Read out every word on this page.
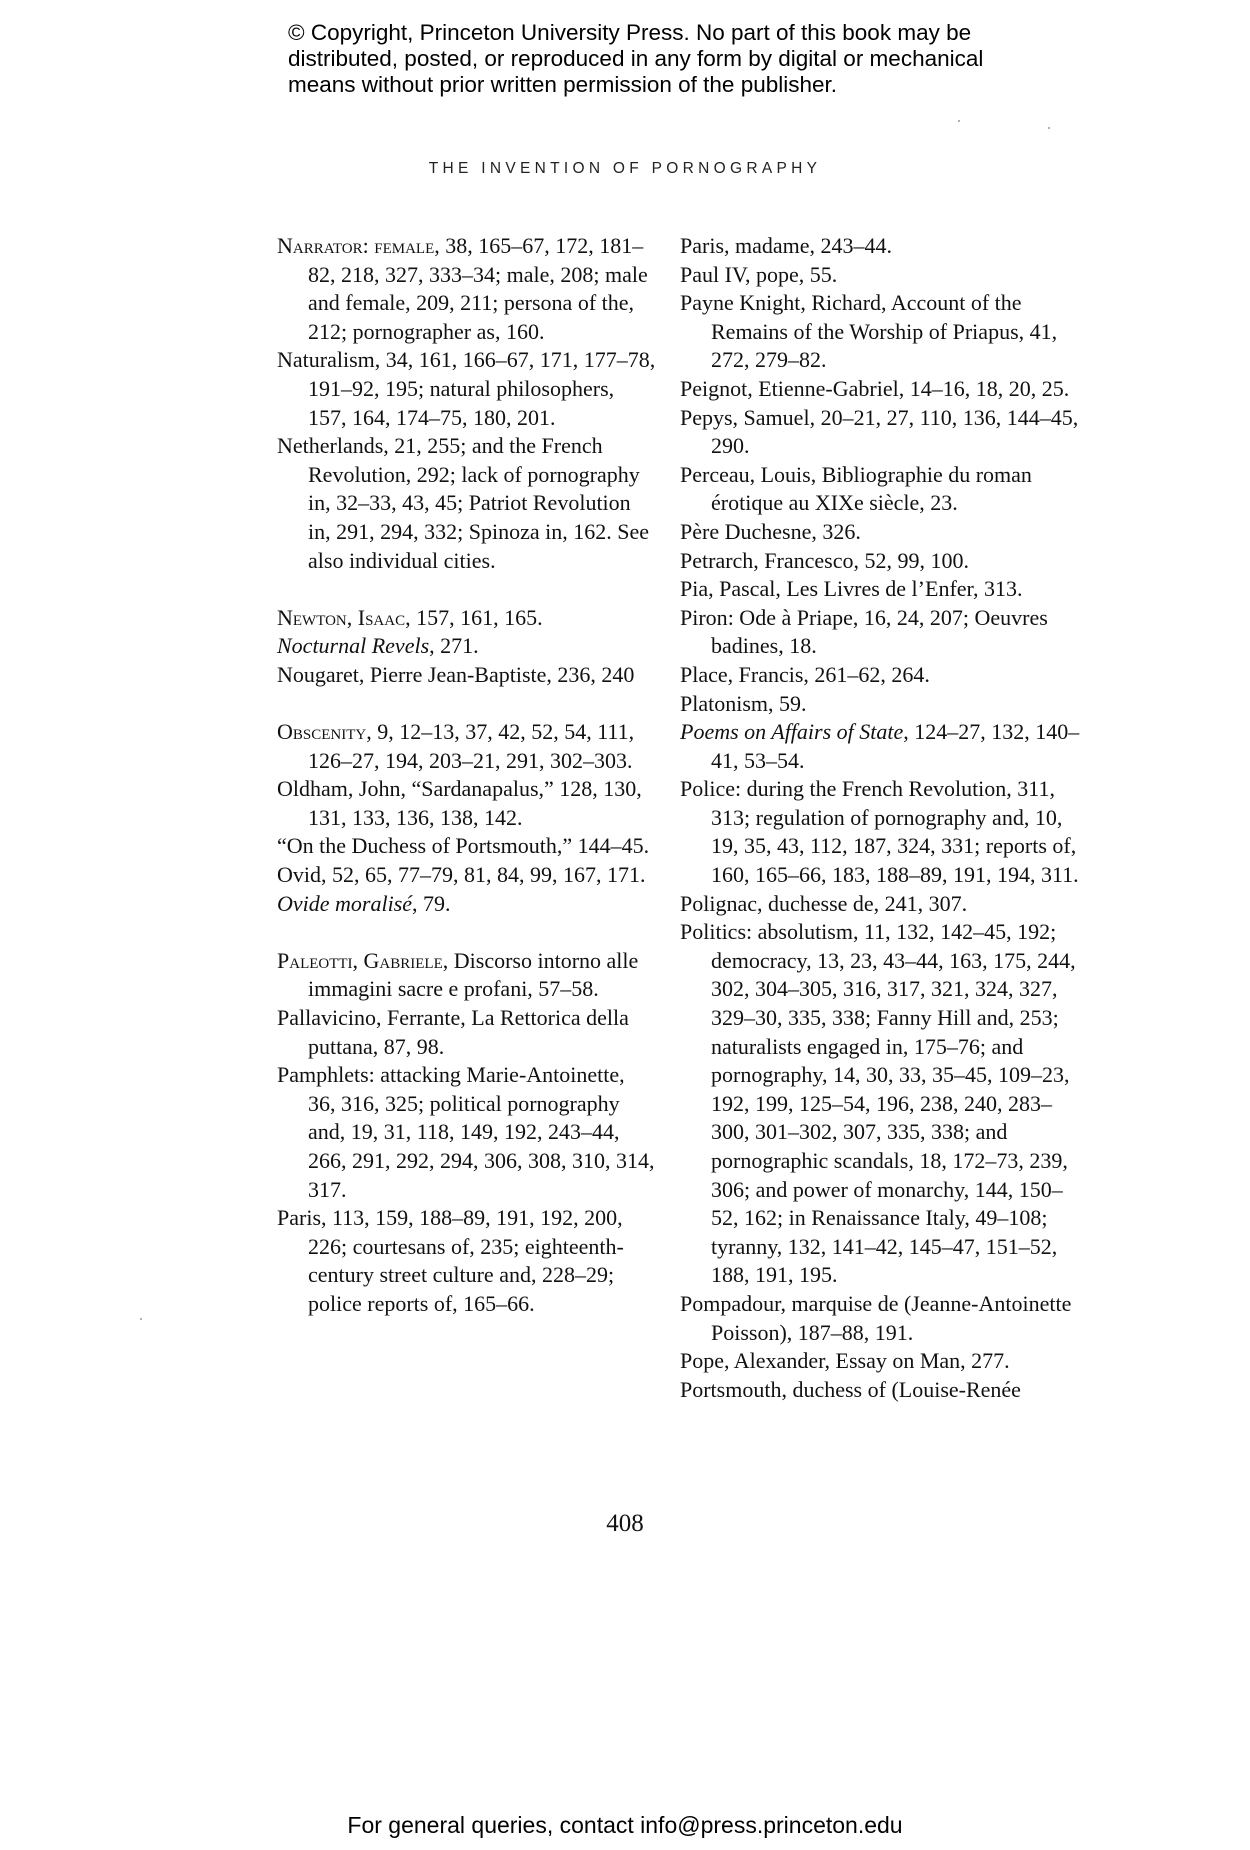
© Copyright, Princeton University Press. No part of this book may be distributed, posted, or reproduced in any form by digital or mechanical means without prior written permission of the publisher.
THE INVENTION OF PORNOGRAPHY

Narrator: female, 38, 165–67, 172, 181–82, 218, 327, 333–34; male, 208; male and female, 209, 211; persona of the, 212; pornographer as, 160.

Naturalism, 34, 161, 166–67, 171, 177–78, 191–92, 195; natural philosophers, 157, 164, 174–75, 180, 201.

Netherlands, 21, 255; and the French Revolution, 292; lack of pornography in, 32–33, 43, 45; Patriot Revolution in, 291, 294, 332; Spinoza in, 162. See also individual cities.

Newton, Isaac, 157, 161, 165.

Nocturnal Revels, 271.

Nougaret, Pierre Jean-Baptiste, 236, 240

Obscenity, 9, 12–13, 37, 42, 52, 54, 111, 126–27, 194, 203–21, 291, 302–303.

Oldham, John, “Sardanapalus,” 128, 130, 131, 133, 136, 138, 142.

“On the Duchess of Portsmouth,” 144–45.

Ovid, 52, 65, 77–79, 81, 84, 99, 167, 171.

Ovide moralisé, 79.

Paleotti, Gabriele, Discorso intorno alle immagini sacre e profani, 57–58.

Pallavicino, Ferrante, La Rettorica della puttana, 87, 98.

Pamphlets: attacking Marie-Antoinette, 36, 316, 325; political pornography and, 19, 31, 118, 149, 192, 243–44, 266, 291, 292, 294, 306, 308, 310, 314, 317.

Paris, 113, 159, 188–89, 191, 192, 200, 226; courtesans of, 235; eighteenth-century street culture and, 228–29; police reports of, 165–66.

Paris, madame, 243–44.

Paul IV, pope, 55.

Payne Knight, Richard, Account of the Remains of the Worship of Priapus, 41, 272, 279–82.

Peignot, Etienne-Gabriel, 14–16, 18, 20, 25.

Pepys, Samuel, 20–21, 27, 110, 136, 144–45, 290.

Perceau, Louis, Bibliographie du roman érotique au XIXe siècle, 23.

Père Duchesne, 326.

Petrarch, Francesco, 52, 99, 100.

Pia, Pascal, Les Livres de l’Enfer, 313.

Piron: Ode à Priape, 16, 24, 207; Oeuvres badines, 18.

Place, Francis, 261–62, 264.

Platonism, 59.

Poems on Affairs of State, 124–27, 132, 140–41, 53–54.

Police: during the French Revolution, 311, 313; regulation of pornography and, 10, 19, 35, 43, 112, 187, 324, 331; reports of, 160, 165–66, 183, 188–89, 191, 194, 311.

Polignac, duchesse de, 241, 307.

Politics: absolutism, 11, 132, 142–45, 192; democracy, 13, 23, 43–44, 163, 175, 244, 302, 304–305, 316, 317, 321, 324, 327, 329–30, 335, 338; Fanny Hill and, 253; naturalists engaged in, 175–76; and pornography, 14, 30, 33, 35–45, 109–23, 192, 199, 125–54, 196, 238, 240, 283–300, 301–302, 307, 335, 338; and pornographic scandals, 18, 172–73, 239, 306; and power of monarchy, 144, 150–52, 162; in Renaissance Italy, 49–108; tyranny, 132, 141–42, 145–47, 151–52, 188, 191, 195.

Pompadour, marquise de (Jeanne-Antoinette Poisson), 187–88, 191.

Pope, Alexander, Essay on Man, 277.

Portsmouth, duchess of (Louise-Renée

408
For general queries, contact info@press.princeton.edu
